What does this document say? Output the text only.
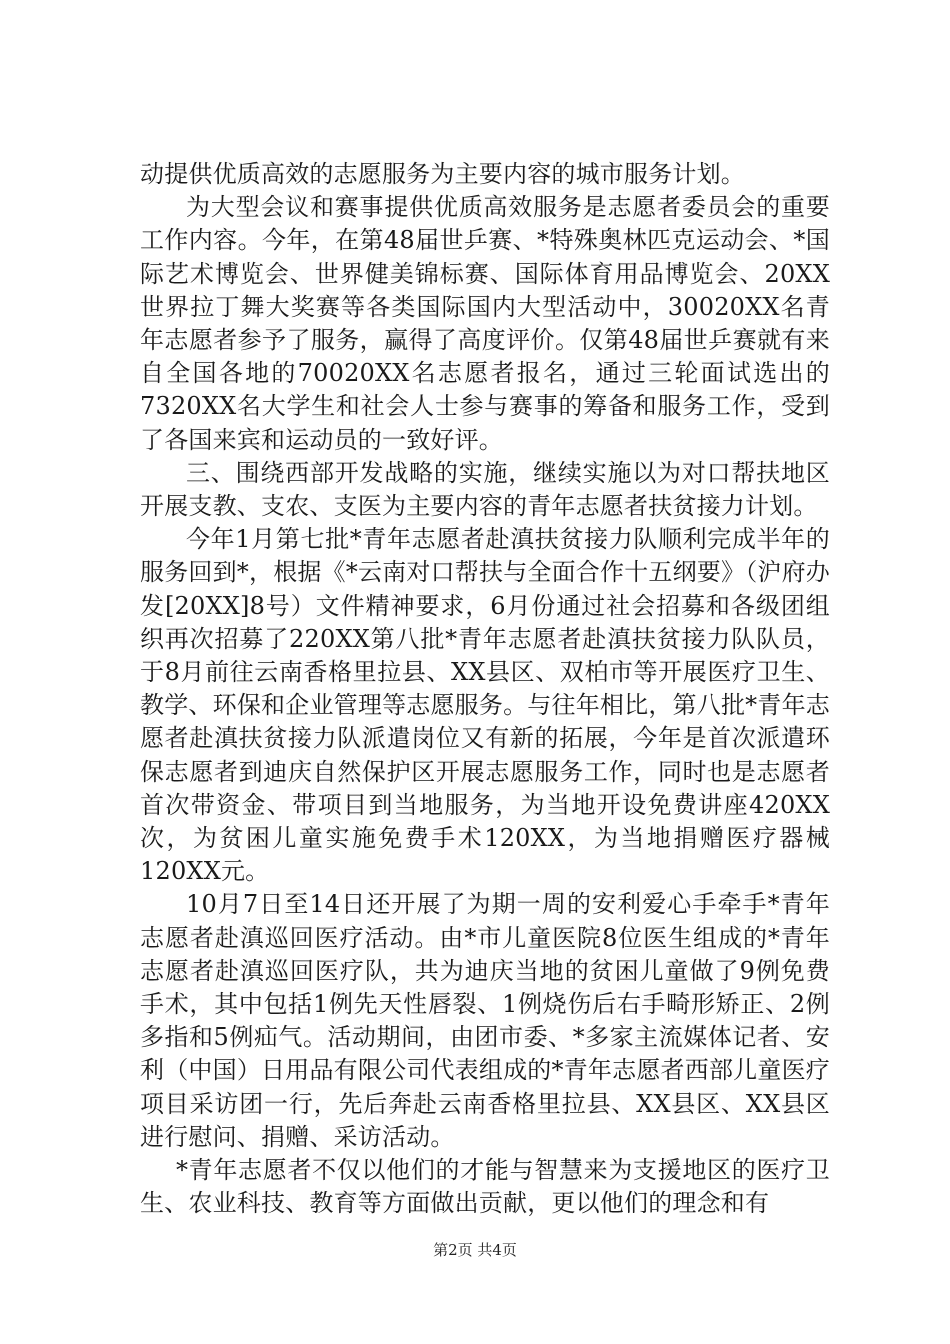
动提供优质高效的志愿服务为主要内容的城市服务计划。

为大型会议和赛事提供优质高效服务是志愿者委员会的重要工作内容。今年，在第48届世乒赛、*特殊奥林匹克运动会、*国际艺术博览会、世界健美锦标赛、国际体育用品博览会、20XX世界拉丁舞大奖赛等各类国际国内大型活动中，30020XX名青年志愿者参予了服务，赢得了高度评价。仅第48届世乒赛就有来自全国各地的70020XX名志愿者报名，通过三轮面试选出的7320XX名大学生和社会人士参与赛事的筹备和服务工作，受到了各国来宾和运动员的一致好评。

三、围绕西部开发战略的实施，继续实施以为对口帮扶地区开展支教、支农、支医为主要内容的青年志愿者扶贫接力计划。

今年1月第七批*青年志愿者赴滇扶贫接力队顺利完成半年的服务回到*，根据《*云南对口帮扶与全面合作十五纲要》（沪府办发[20XX]8号）文件精神要求，6月份通过社会招募和各级团组织再次招募了220XX第八批*青年志愿者赴滇扶贫接力队队员，于8月前往云南香格里拉县、XX县区、双柏市等开展医疗卫生、教学、环保和企业管理等志愿服务。与往年相比，第八批*青年志愿者赴滇扶贫接力队派遣岗位又有新的拓展，今年是首次派遣环保志愿者到迪庆自然保护区开展志愿服务工作，同时也是志愿者首次带资金、带项目到当地服务，为当地开设免费讲座420XX次，为贫困儿童实施免费手术120XX，为当地捐赠医疗器械120XX元。

10月7日至14日还开展了为期一周的安利爱心手牵手*青年志愿者赴滇巡回医疗活动。由*市儿童医院8位医生组成的*青年志愿者赴滇巡回医疗队，共为迪庆当地的贫困儿童做了9例免费手术，其中包括1例先天性唇裂、1例烧伤后右手畸形矫正、2例多指和5例疝气。活动期间，由团市委、*多家主流媒体记者、安利（中国）日用品有限公司代表组成的*青年志愿者西部儿童医疗项目采访团一行，先后奔赴云南香格里拉县、XX县区、XX县区进行慰问、捐赠、采访活动。

*青年志愿者不仅以他们的才能与智慧来为支援地区的医疗卫生、农业科技、教育等方面做出贡献，更以他们的理念和有

第2页 共4页
